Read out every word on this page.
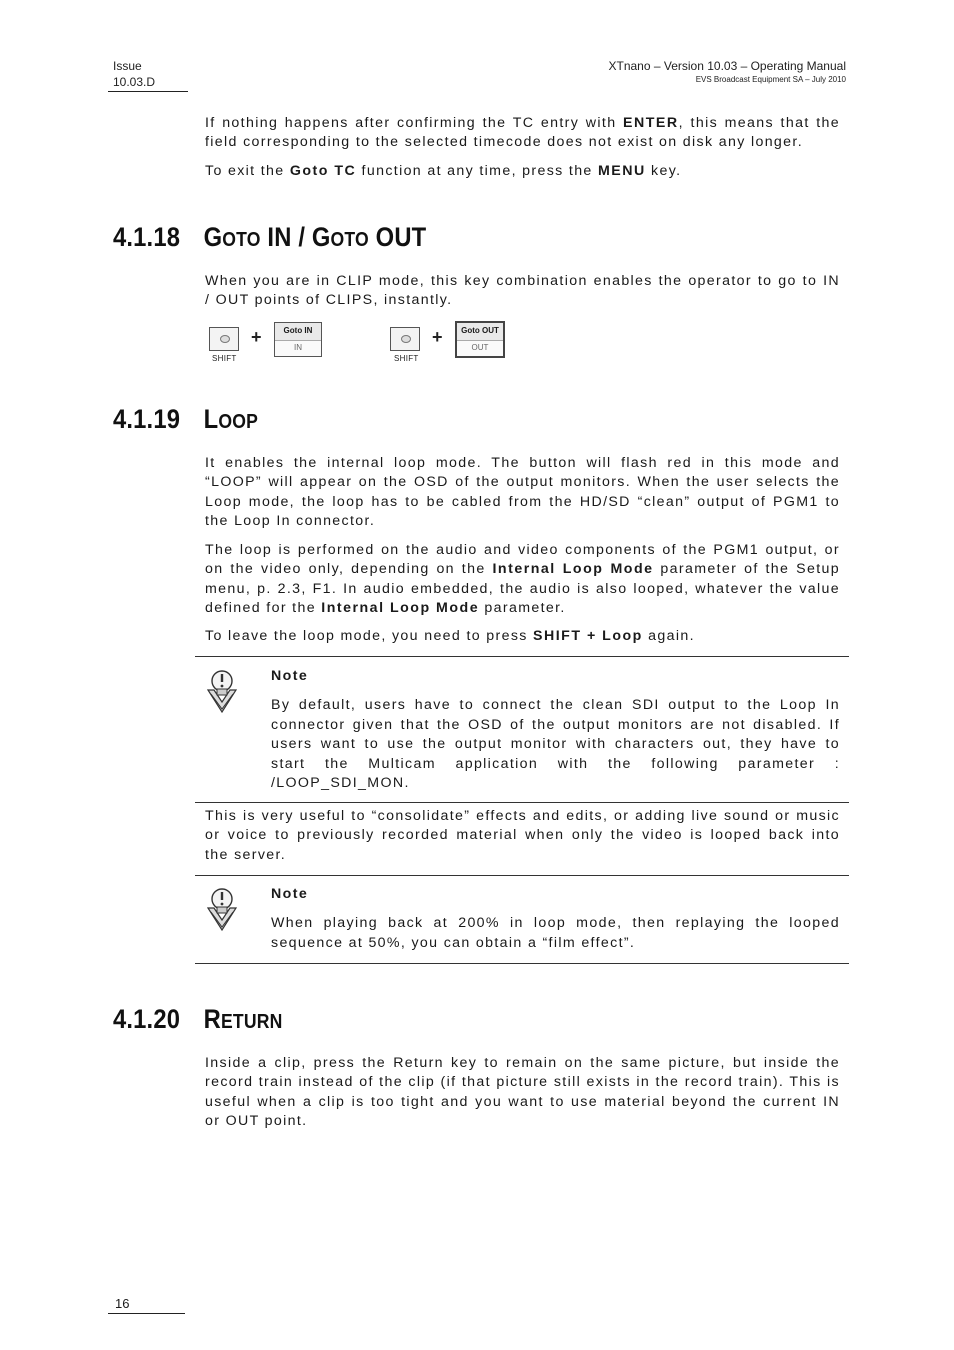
Issue
10.03.D
XTnano – Version 10.03 – Operating Manual
EVS Broadcast Equipment SA – July 2010

If nothing happens after confirming the TC entry with ENTER, this means that the field corresponding to the selected timecode does not exist on disk any longer.

To exit the Goto TC function at any time, press the MENU key.

4.1.18 GOTO IN / GOTO OUT

When you are in CLIP mode, this key combination enables the operator to go to IN / OUT points of CLIPS, instantly.

SHIFT
+	Goto IN
IN
SHIFT
+	Goto OUT
OUT
4.1.19 LOOP

It enables the internal loop mode. The button will flash red in this mode and “LOOP” will appear on the OSD of the output monitors. When the user selects the Loop mode, the loop has to be cabled from the HD/SD “clean” output of PGM1 to the Loop In connector.

The loop is performed on the audio and video components of the PGM1 output, or on the video only, depending on the Internal Loop Mode parameter of the Setup menu, p. 2.3, F1. In audio embedded, the audio is also looped, whatever the value defined for the Internal Loop Mode parameter.

To leave the loop mode, you need to press SHIFT + Loop again.

Note

By default, users have to connect the clean SDI output to the Loop In connector given that the OSD of the output monitors are not disabled. If users want to use the output monitor with characters out, they have to start the Multicam application with the following parameter : /LOOP_SDI_MON.

This is very useful to “consolidate” effects and edits, or adding live sound or music or voice to previously recorded material when only the video is looped back into the server.

Note

When playing back at 200% in loop mode, then replaying the looped sequence at 50%, you can obtain a “film effect”.

4.1.20 RETURN

Inside a clip, press the Return key to remain on the same picture, but inside the record train instead of the clip (if that picture still exists in the record train). This is useful when a clip is too tight and you want to use material beyond the current IN or OUT point.

16
